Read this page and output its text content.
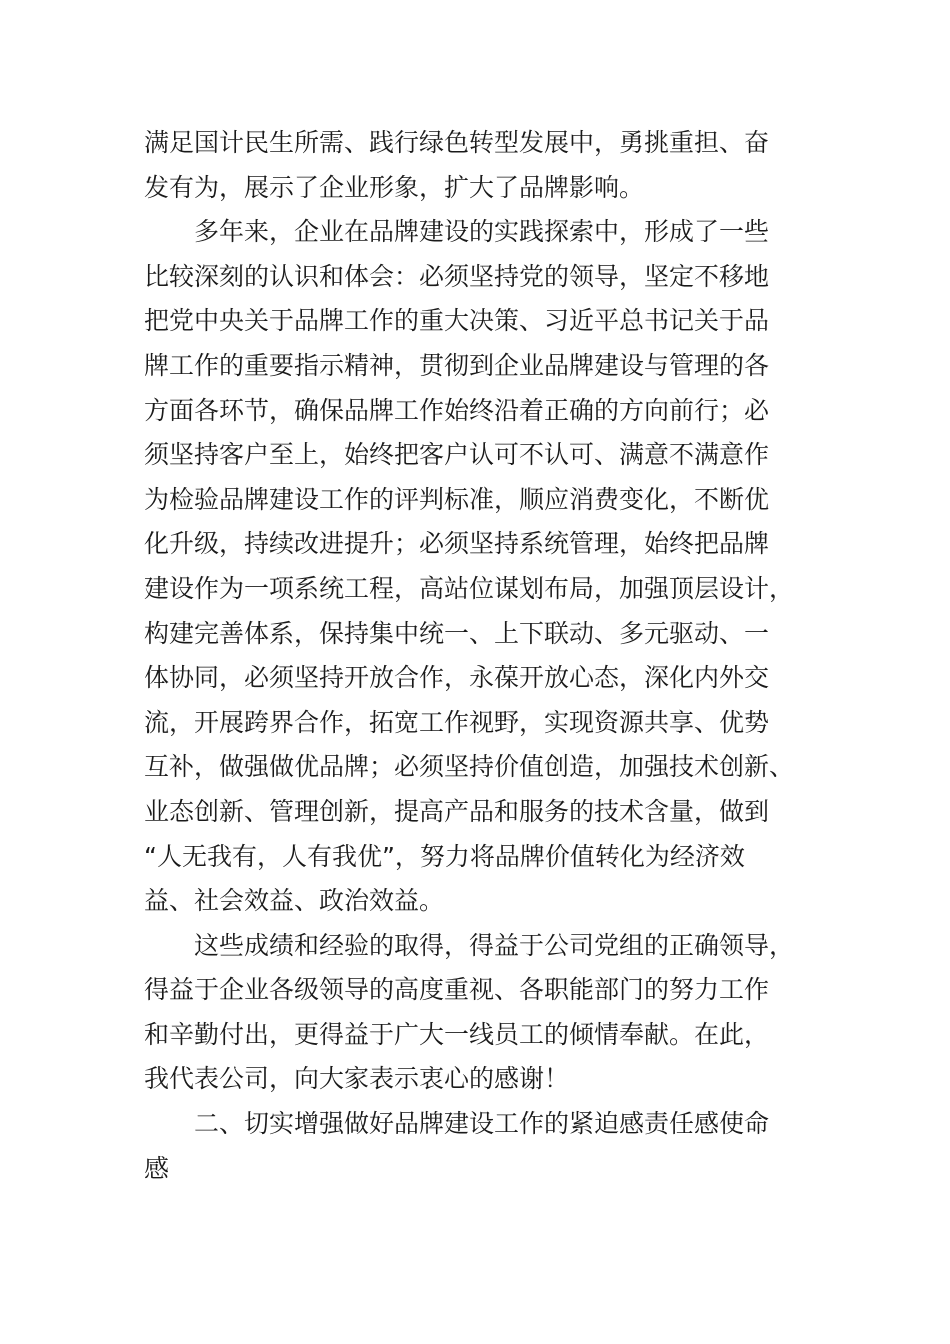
满足国计民生所需、践行绿色转型发展中，勇挑重担、奋
发有为，展示了企业形象，扩大了品牌影响。
多年来，企业在品牌建设的实践探索中，形成了一些
比较深刻的认识和体会：必须坚持党的领导，坚定不移地
把党中央关于品牌工作的重大决策、习近平总书记关于品
牌工作的重要指示精神，贯彻到企业品牌建设与管理的各
方面各环节，确保品牌工作始终沿着正确的方向前行；必
须坚持客户至上，始终把客户认可不认可、满意不满意作
为检验品牌建设工作的评判标准，顺应消费变化，不断优
化升级，持续改进提升；必须坚持系统管理，始终把品牌
建设作为一项系统工程，高站位谋划布局，加强顶层设计，
构建完善体系，保持集中统一、上下联动、多元驱动、一
体协同，必须坚持开放合作，永葆开放心态，深化内外交
流，开展跨界合作，拓宽工作视野，实现资源共享、优势
互补，做强做优品牌；必须坚持价值创造，加强技术创新、
业态创新、管理创新，提高产品和服务的技术含量，做到
“人无我有，人有我优”，努力将品牌价值转化为经济效
益、社会效益、政治效益。
这些成绩和经验的取得，得益于公司党组的正确领导，
得益于企业各级领导的高度重视、各职能部门的努力工作
和辛勤付出，更得益于广大一线员工的倾情奉献。在此，
我代表公司，向大家表示衷心的感谢！
二、切实增强做好品牌建设工作的紧迫感责任感使命
感
